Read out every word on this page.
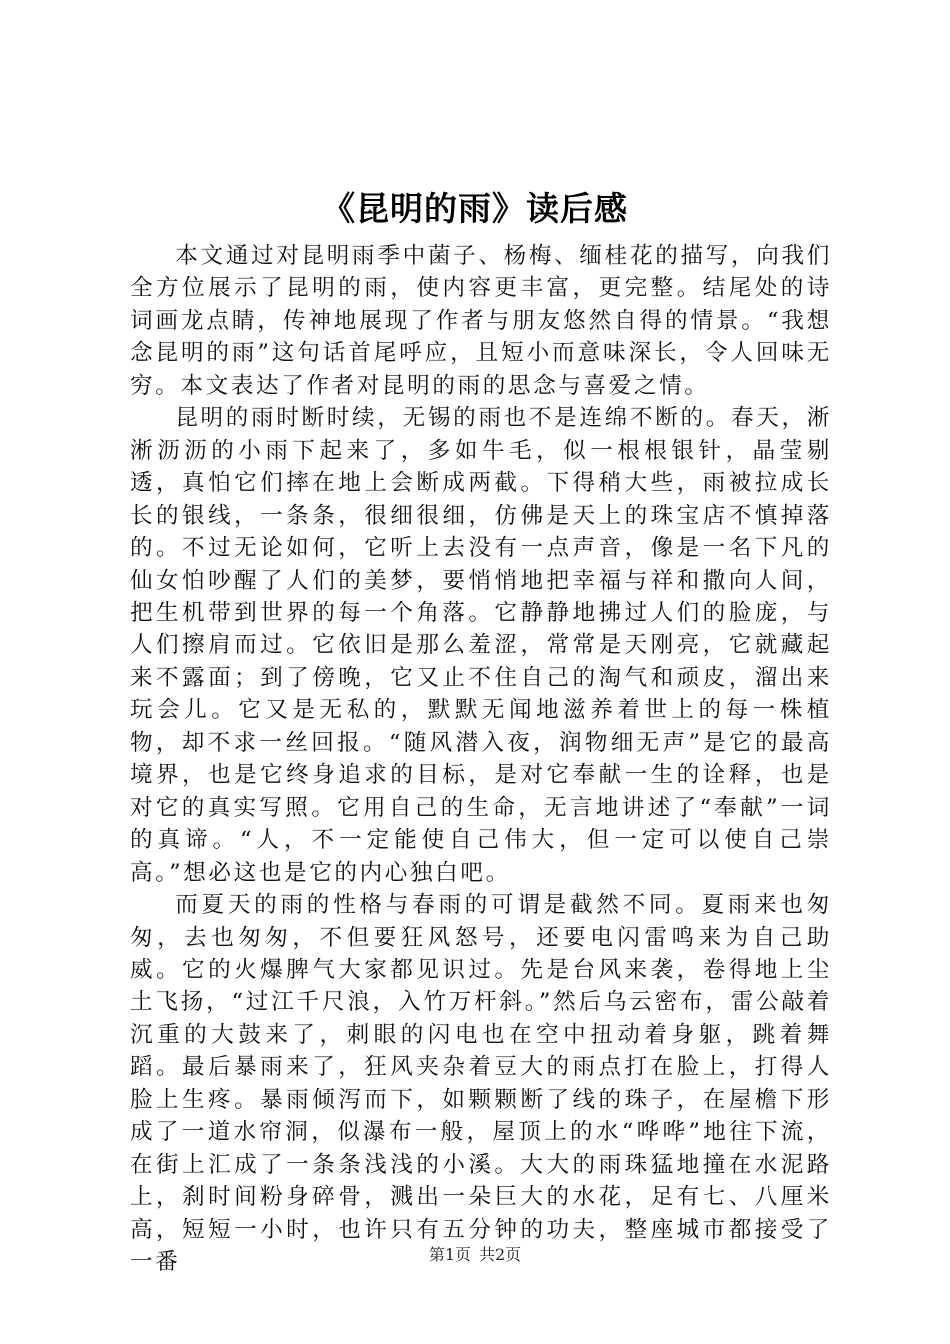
《昆明的雨》读后感

本文通过对昆明雨季中菌子、杨梅、缅桂花的描写，向我们全方位展示了昆明的雨，使内容更丰富，更完整。结尾处的诗词画龙点睛，传神地展现了作者与朋友悠然自得的情景。“我想念昆明的雨”这句话首尾呼应，且短小而意味深长，令人回味无穷。本文表达了作者对昆明的雨的思念与喜爱之情。

昆明的雨时断时续，无锡的雨也不是连绵不断的。春天，淅淅沥沥的小雨下起来了，多如牛毛，似一根根银针，晶莹剔透，真怕它们摔在地上会断成两截。下得稍大些，雨被拉成长长的银线，一条条，很细很细，仿佛是天上的珠宝店不慎掉落的。不过无论如何，它听上去没有一点声音，像是一名下凡的仙女怕吵醒了人们的美梦，要悄悄地把幸福与祥和撒向人间，把生机带到世界的每一个角落。它静静地拂过人们的脸庞，与人们擦肩而过。它依旧是那么羞涩，常常是天刚亮，它就藏起来不露面；到了傍晚，它又止不住自己的淘气和顽皮，溜出来玩会儿。它又是无私的，默默无闻地滋养着世上的每一株植物，却不求一丝回报。“随风潜入夜，润物细无声”是它的最高境界，也是它终身追求的目标，是对它奉献一生的诠释，也是对它的真实写照。它用自己的生命，无言地讲述了“奉献”一词的真谛。“人，不一定能使自己伟大，但一定可以使自己崇高。”想必这也是它的内心独白吧。

而夏天的雨的性格与春雨的可谓是截然不同。夏雨来也匆匆，去也匆匆，不但要狂风怒号，还要电闪雷鸣来为自己助威。它的火爆脾气大家都见识过。先是台风来袭，卷得地上尘土飞扬，“过江千尺浪，入竹万杆斜。”然后乌云密布，雷公敲着沉重的大鼓来了，刺眼的闪电也在空中扭动着身躯，跳着舞蹈。最后暴雨来了，狂风夹杂着豆大的雨点打在脸上，打得人脸上生疼。暴雨倾泻而下，如颗颗断了线的珠子，在屋檐下形成了一道水帘洞，似瀑布一般，屋顶上的水“哗哗”地往下流，在街上汇成了一条条浅浅的小溪。大大的雨珠猛地撞在水泥路上，刹时间粉身碎骨，溅出一朵巨大的水花，足有七、八厘米高，短短一小时，也许只有五分钟的功夫，整座城市都接受了一番	第1页 共2页
